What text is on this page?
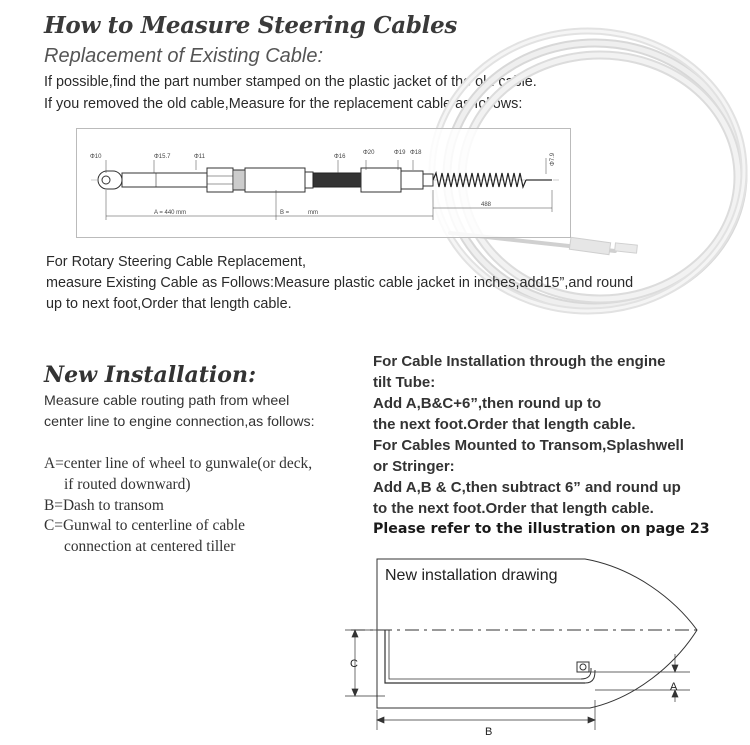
How to Measure Steering Cables
Replacement of Existing Cable:
If possible,find the part number stamped on the plastic jacket of the old cable.
If you removed the old cable,Measure for the replacement cable as follows:
Φ10	Φ15.7	Φ11	Φ16
Φ20	Φ19 Φ18	Φ7.9
A = 440 mm	B =	mm
488
For Rotary Steering Cable Replacement,
measure Existing Cable as Follows:Measure plastic cable jacket in inches,add15”,and round
up to next foot,Order that length cable.
New Installation:
Measure cable routing path from wheel
center line to engine connection,as follows:
A=center line of wheel to gunwale(or deck,
if routed downward)
B=Dash to transom
C=Gunwal to centerline of cable
connection at centered tiller
For Cable Installation through the engine
tilt Tube:
Add A,B&C+6”,then round up to
the next foot.Order that length cable.
For Cables Mounted to Transom,Splashwell
or Stringer:
Add A,B & C,then subtract 6” and round up
to the next foot.Order that length cable.
Please refer to the illustration on page 23
New installation drawing
C
A
B
